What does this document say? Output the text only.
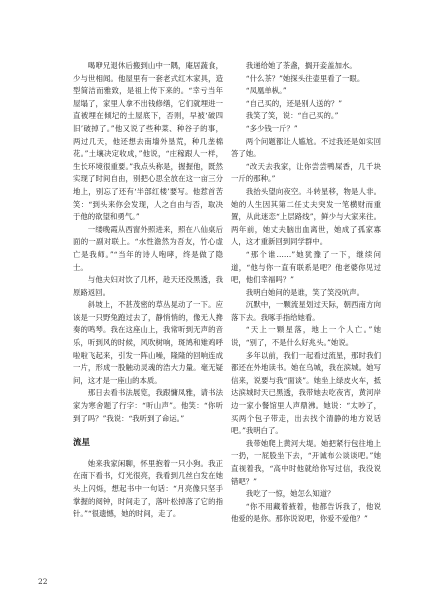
喝咿兄退休后搬到山中一隅，庵居蔬食，少与世相闻。他屋里有一套老式红木家具，造型简洁而雅致，是祖上传下来的。“幸亏当年屋塌了，家里人拿不出钱修缮，它们就埋进一直被埋在倾圮的土屋底下，否则，早被‘破四旧’破掉了。”他又说了些种菜、种谷子的事，两过几天，他还想去南墙外垦荒，种几垄棉花。”土壤决定收成，”他说，“庄稼跟人一样，生长环境很重要。”我点头称是，握握他，既然实现了时间自由，别把心思全放在这一亩三分地上，别忘了还有‘半部红楼’要写。他惹首苦笑：“到头来你会发现，人之自由与否，取决于他的欲望和勇气。”

一缕晚霞从西窗外照进来，照在八仙桌后面的一副对联上。“水性澹然为吾友，竹心虚亡是我师。”“当年的诗人咆哮，终是做了隐士。

与他夫妇对饮了几杯，趁天还没黑透，我原路返回。

斜坡上，不甚茂密的草丛晃动了一下。应该是一只野兔跑过去了，静悄悄的，像无人搀奏的鸣琴。我在这座山上，我常听到无声的音乐，听到风的时候，风吹树响，斑鸠和雉鸡呼啦啦飞起来，引发一阵山噪，隆隆的回响连成一片，形成一股触动灵魂的浩大力量。毫无疑问，这才是一座山的本质。

那日去看书法展览，我跟慵凤雅，请书法家为寒舍题了行字：“听山声”。他笑：“你听到了吗？”我说：“我听到了命运。”

流星

她来我家闲聊，怀里抱着一只小狗。我正在南下看书，灯光很亮，我看到几丝白发在她头上闪烁，想起书中一句话：“月亮像只坚手掌握的阅钟，时间走了，落叶松掉落了它的指针。”“很遗憾，她的时间，走了。

我递给她了茶盏，搁开妾盖加水。

“什么茶？”她探头往壶里看了一眼。

“凤凰单枞。”

“自己买的，还是别人送的？”

我笑了笑，说：“自己买的。”

“多少钱一斤？”

两个问题都让人尴尬。不过我还是如实回答了她。

“改天去我家，让你尝尝鸭屎香，几千块一斤的那种。”

我抬头望向夜空。斗转星移，物是人非。她的人生因其第二任丈夫突发一笔横财而重置，从此迷恋“上层路线”，鲜少与大家来往。两年前，她丈夫脑出血离世，她成了孤家寡人，这才重新回到同学群中。

“那个谁……”她犹豫了一下，继续问道，“他与你一直有联系是吧？他老婆你见过吧，他们幸福吗？”

我明白她问的是谁，笑了笑没吭声。

沉默中，一颗流星划过天际，朝西南方向落下去。我啄手指给她看。

“天上一颗星落，地上一个人亡。”她说，“别了，不是什么好兆头。”她说。

多年以前，我们一起看过流星，那时我们都还在外地读书。她在乌城，我在滨城。她写信来，说要与我“面谈”。她坐上绿皮火车，抵达滨城时天已黑透，我带她去吃夜宵，黄河岸边一家小餐馆里人声鼎沸。她说：“太吵了，买两个包子带走，出去找个清静的地方说话吧。”我明白了。

我带她爬上黄河大堤。她把紧行包往地上一扔，一屁股坐下去，“开诚布公谈谈吧。”她直视着我，“高中时他就给你写过信，我没说错吧？”

我吃了一惊，她怎么知道？

“你不用藏着掖着，他都告诉我了，他说他爱的是你。那你说说吧，你爱不爱他？”

22
